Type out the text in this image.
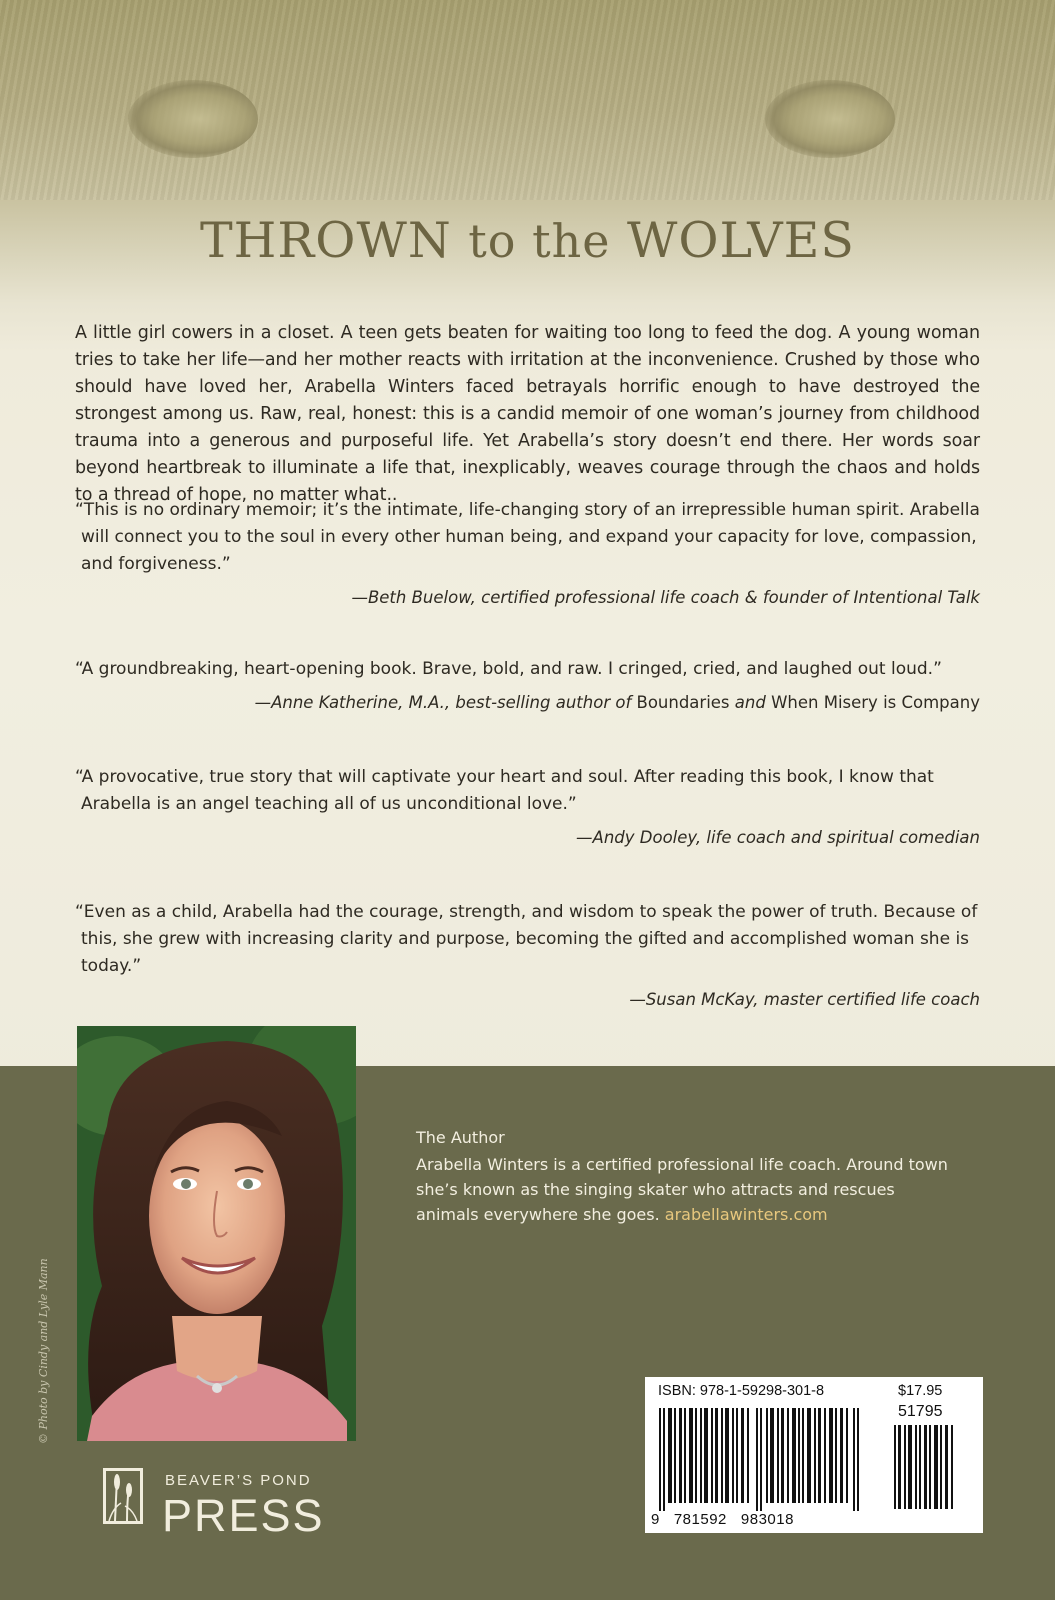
THROWN to the WOLVES

A little girl cowers in a closet. A teen gets beaten for waiting too long to feed the dog. A young woman tries to take her life—and her mother reacts with irritation at the inconvenience. Crushed by those who should have loved her, Arabella Winters faced betrayals horrific enough to have destroyed the strongest among us. Raw, real, honest: this is a candid memoir of one woman’s journey from childhood trauma into a generous and purposeful life. Yet Arabella’s story doesn’t end there. Her words soar beyond heartbreak to illuminate a life that, inexplicably, weaves courage through the chaos and holds to a thread of hope, no matter what..

“This is no ordinary memoir; it’s the intimate, life-changing story of an irrepressible human spirit. Arabella will connect you to the soul in every other human being, and expand your capacity for love, compassion, and forgiveness.”

—Beth Buelow, certified professional life coach & founder of Intentional Talk

“A groundbreaking, heart-opening book. Brave, bold, and raw. I cringed, cried, and laughed out loud.”

—Anne Katherine, M.A., best-selling author of Boundaries and When Misery is Company

“A provocative, true story that will captivate your heart and soul. After reading this book, I know that Arabella is an angel teaching all of us unconditional love.”

—Andy Dooley, life coach and spiritual comedian

“Even as a child, Arabella had the courage, strength, and wisdom to speak the power of truth. Because of this, she grew with increasing clarity and purpose, becoming the gifted and accomplished woman she is today.”

—Susan McKay, master certified life coach

© Photo by Cindy and Lyle Mann
The Author
Arabella Winters is a certified professional life coach. Around town she’s known as the singing skater who attracts and rescues animals everywhere she goes. arabellawinters.com
ISBN: 978-1-59298-301-8	$17.95
51795
9   781592   983018
BEAVER’S POND
PRESS
